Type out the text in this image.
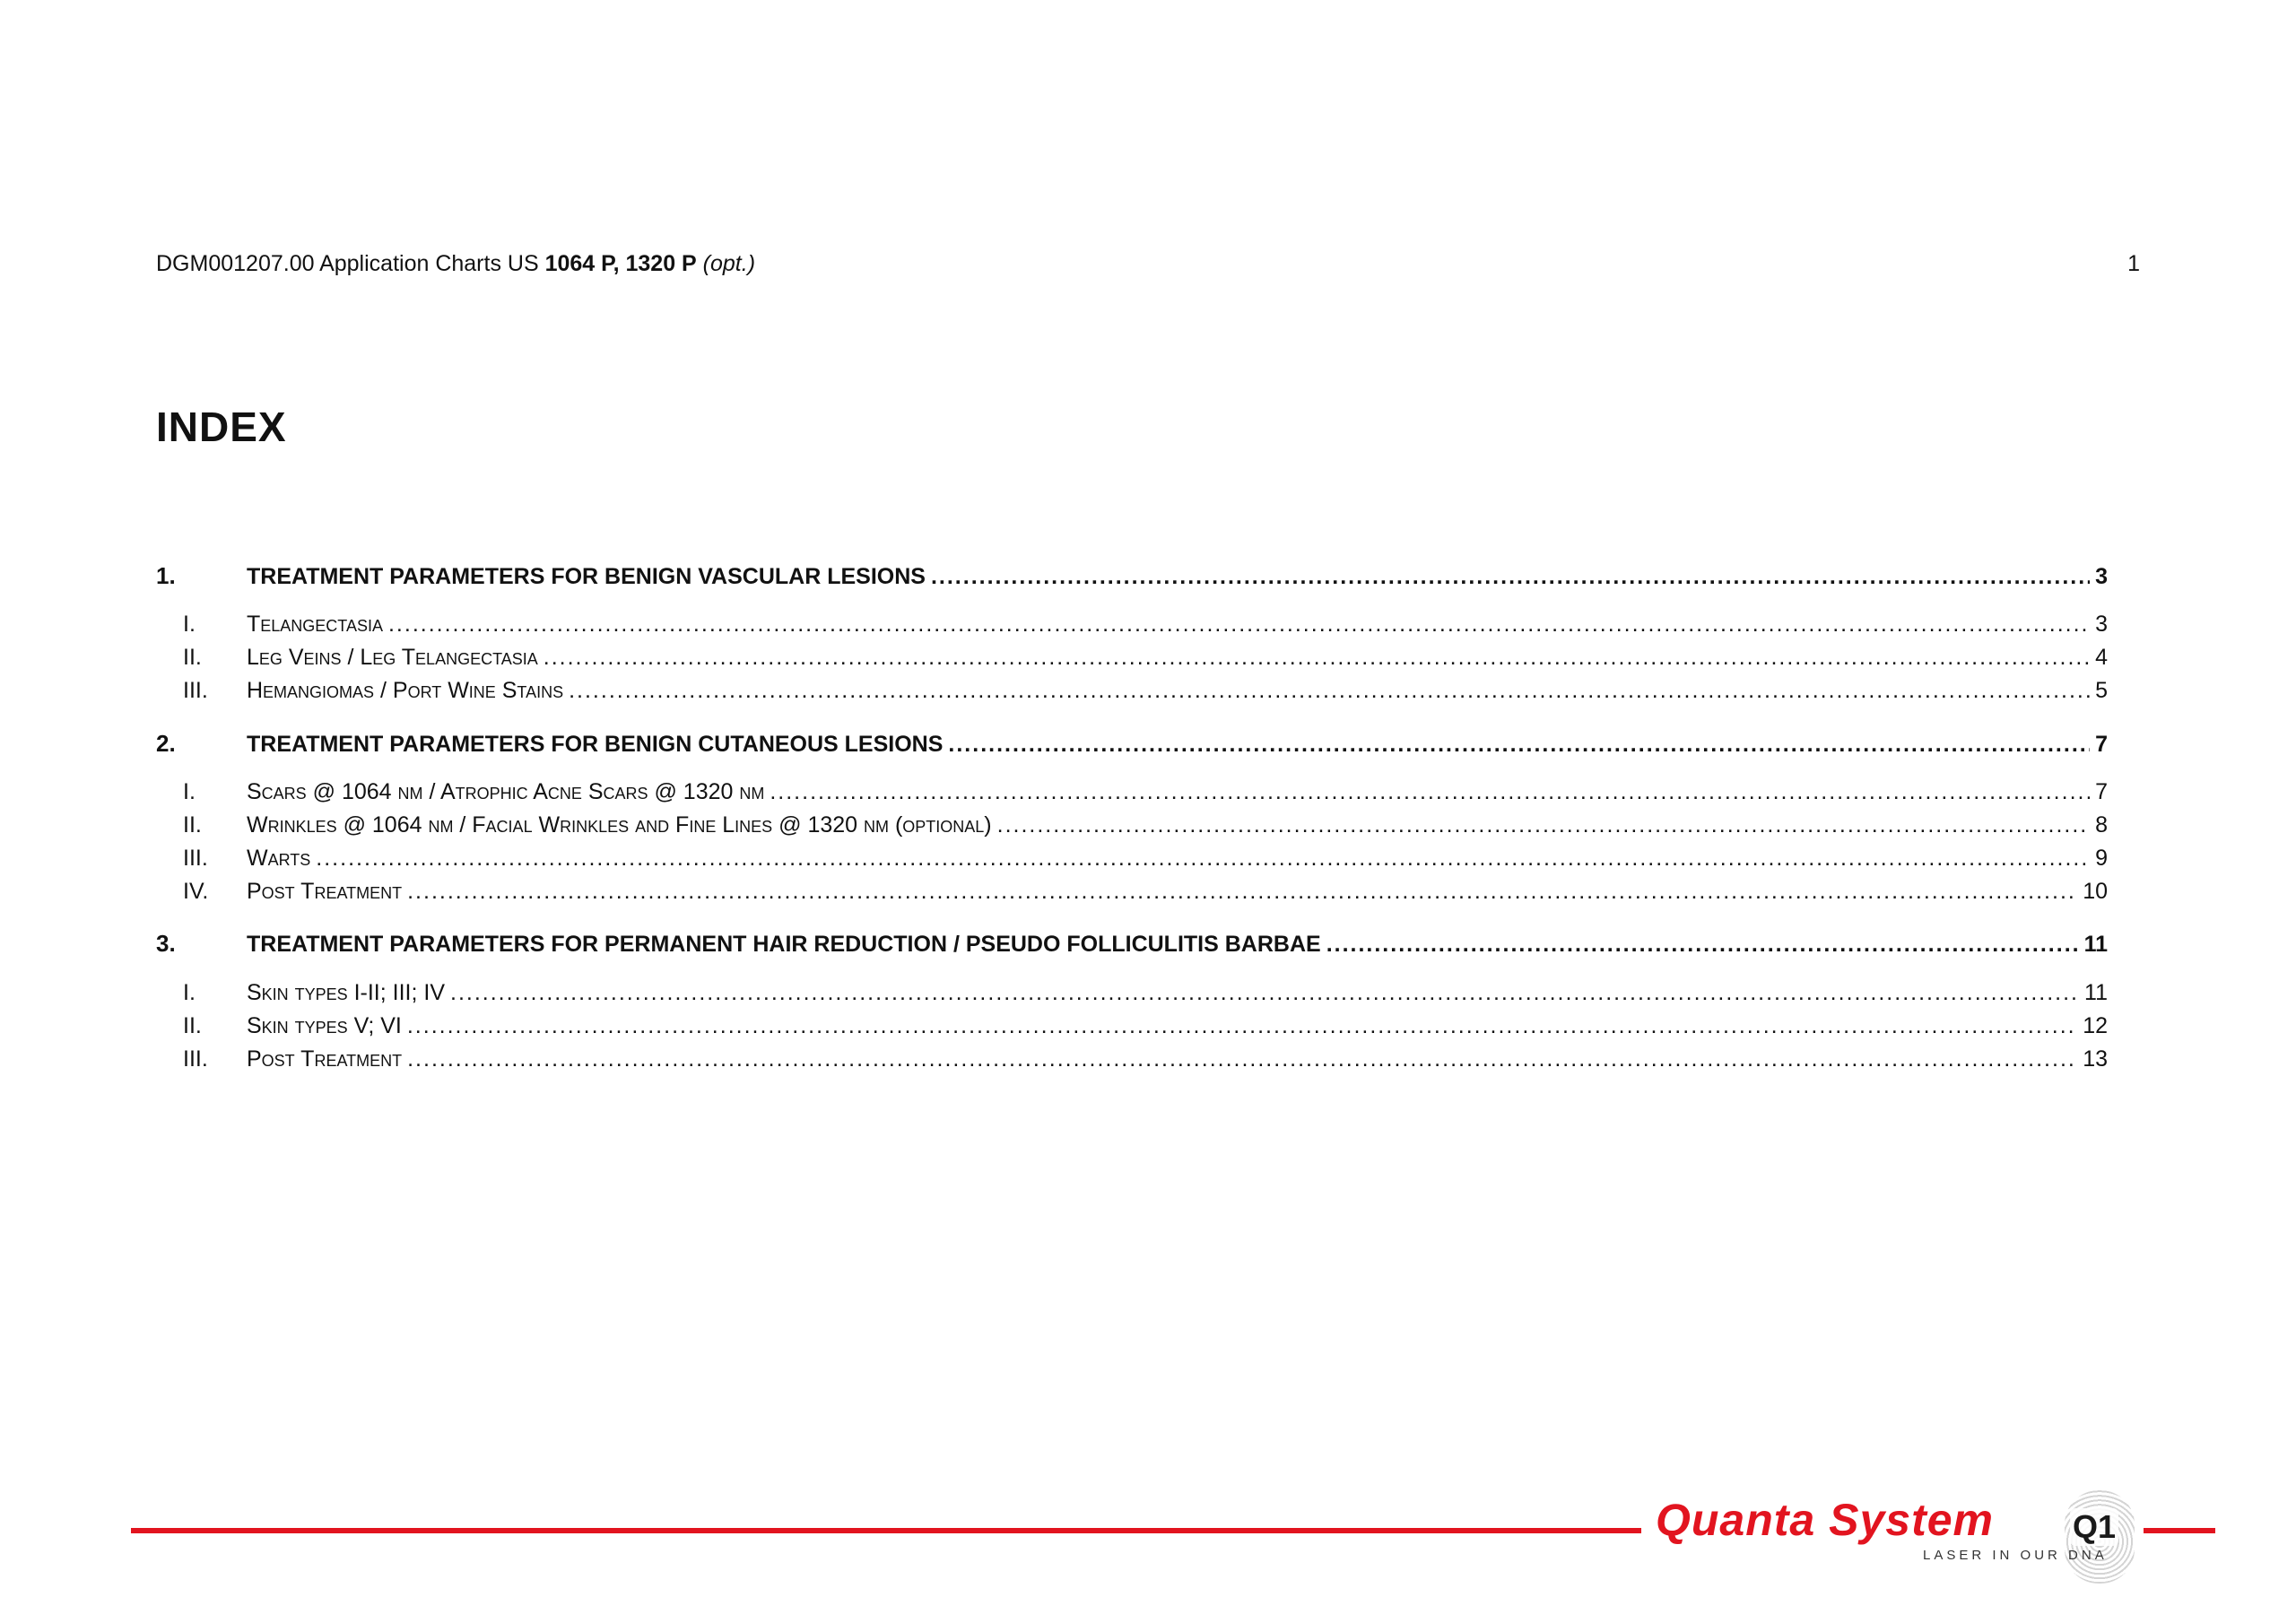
DGM001207.00 Application Charts US 1064 P, 1320 P (opt.)	1
INDEX
1.	TREATMENT PARAMETERS FOR BENIGN VASCULAR LESIONS .....	3
I.	Telangectasia .....	3
II.	Leg Veins / Leg Telangectasia .....	4
III.	Hemangiomas / Port Wine Stains .....	5
2.	TREATMENT PARAMETERS FOR BENIGN CUTANEOUS LESIONS .....	7
I.	Scars @ 1064 nm / Atrophic Acne Scars @ 1320 nm .....	7
II.	Wrinkles @ 1064 nm / Facial Wrinkles and Fine Lines @ 1320 nm (optional) .....	8
III.	Warts .....	9
IV.	Post Treatment .....	10
3.	TREATMENT PARAMETERS FOR PERMANENT HAIR REDUCTION / PSEUDO FOLLICULITIS BARBAE .....	11
I.	Skin types I-II; III; IV .....	11
II.	Skin types V; VI .....	12
III.	Post Treatment .....	13
Quanta System Q1
LASER IN OUR DNA
